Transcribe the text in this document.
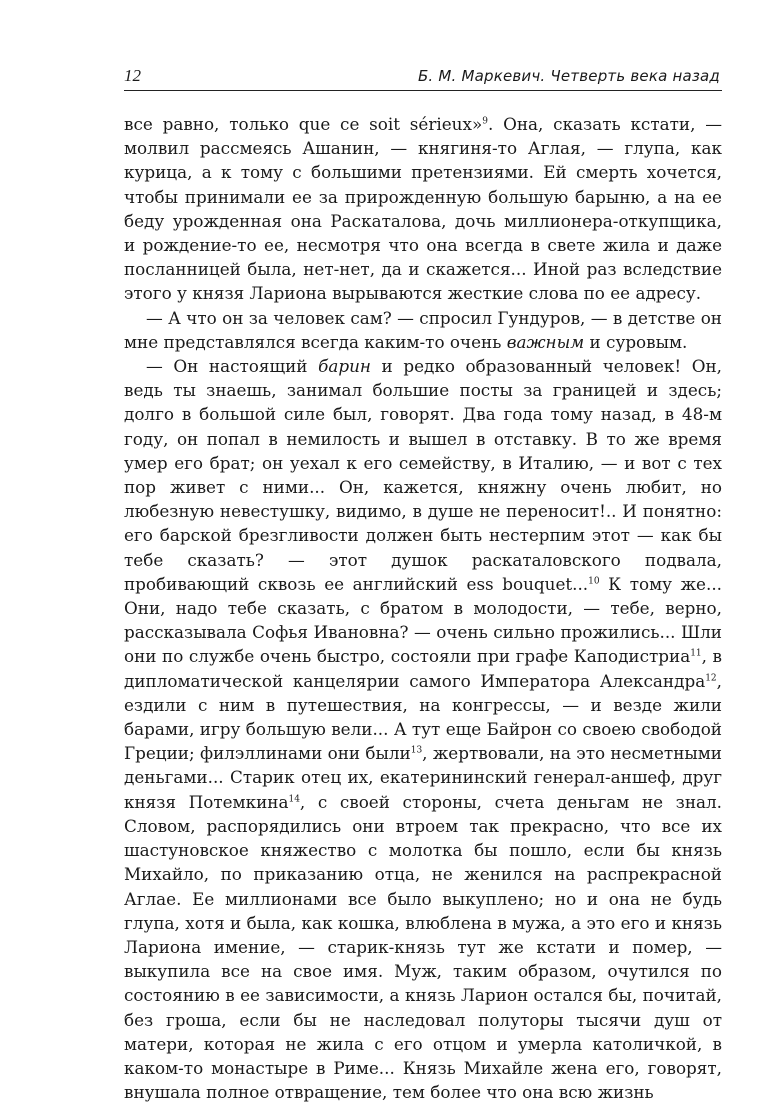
12	Б. М. Маркевич. Четверть века назад

все равно, только que ce soit sérieux»$^9$. Она, сказать кстати, — молвил рассмеясь Ашанин, — княгиня-то Аглая, — глупа, как курица, а к тому с большими претензиями. Ей смерть хочется, чтобы принимали ее за прирожденную большую барыню, а на ее беду урожденная она Раскаталова, дочь миллионера-откупщика, и рождение-то ее, несмотря что она всегда в свете жила и даже посланницей была, нет-нет, да и скажется... Иной раз вследствие этого у князя Лариона вырываются жесткие слова по ее адресу.

— А что он за человек сам? — спросил Гундуров, — в детстве он мне представлялся всегда каким-то очень важным и суровым.

— Он настоящий барин и редко образованный человек! Он, ведь ты знаешь, занимал большие посты за границей и здесь; долго в большой силе был, говорят. Два года тому назад, в 48-м году, он попал в немилость и вышел в отставку. В то же время умер его брат; он уехал к его семейству, в Италию, — и вот с тех пор живет с ними... Он, кажется, княжну очень любит, но любезную невестушку, видимо, в душе не переносит!.. И понятно: его барской брезгливости должен быть нестерпим этот — как бы тебе сказать? — этот душок раскаталовского подвала, пробивающий сквозь ее английский ess bouquet...$^{10}$ К тому же... Они, надо тебе сказать, с братом в молодости, — тебе, верно, рассказывала Софья Ивановна? — очень сильно прожились... Шли они по службе очень быстро, состояли при графе Каподистриа$^{11}$, в дипломатической канцелярии самого Императора Александра$^{12}$, ездили с ним в путешествия, на конгрессы, — и везде жили барами, игру большую вели... А тут еще Байрон со своею свободой Греции; филэллинами они были$^{13}$, жертвовали, на это несметными деньгами... Старик отец их, екатерининский генерал-аншеф, друг князя Потемкина$^{14}$, с своей стороны, счета деньгам не знал. Словом, распорядились они втроем так прекрасно, что все их шастуновское княжество с молотка бы пошло, если бы князь Михайло, по приказанию отца, не женился на распрекрасной Аглае. Ее миллионами все было выкуплено; но и она не будь глупа, хотя и была, как кошка, влюблена в мужа, а это его и князь Лариона имение, — старик-князь тут же кстати и помер, — выкупила все на свое имя. Муж, таким образом, очутился по состоянию в ее зависимости, а князь Ларион остался бы, почитай, без гроша, если бы не наследовал полуторы тысячи душ от матери, которая не жила с его отцом и умерла католичкой, в каком-то монастыре в Риме... Князь Михайле жена его, говорят, внушала полное отвращение, тем более что она всю жизнь
